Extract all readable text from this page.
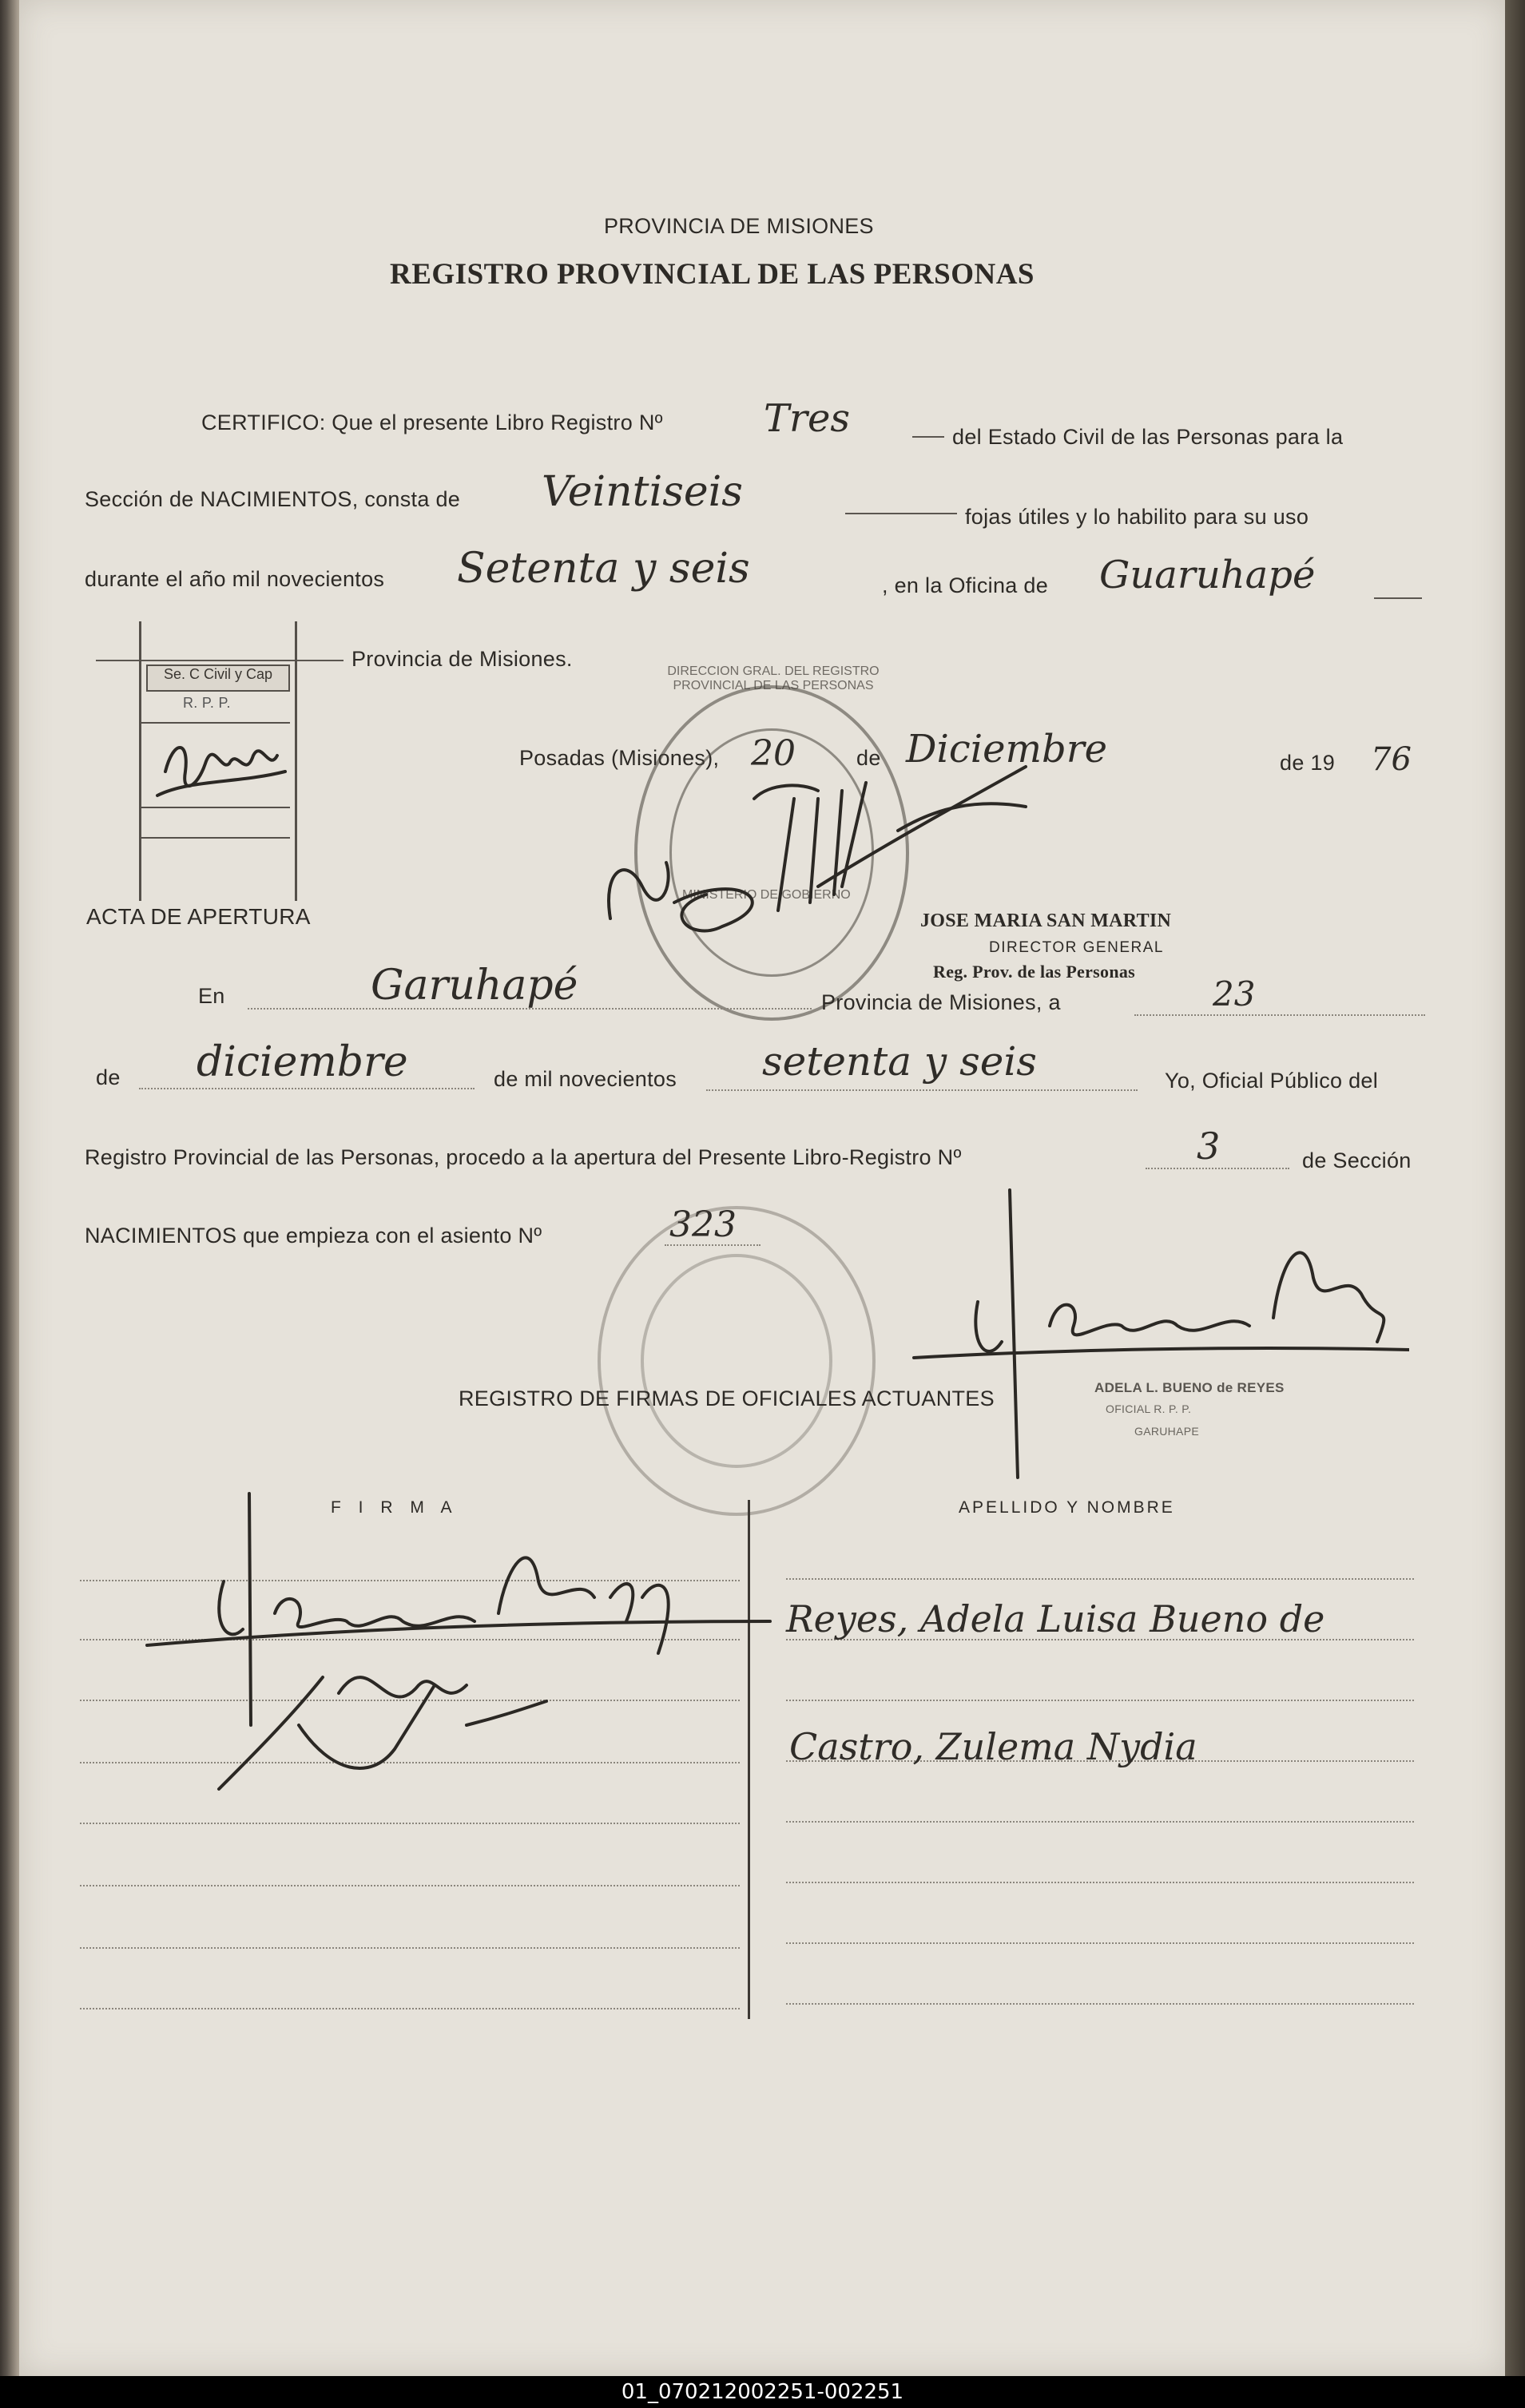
PROVINCIA DE MISIONES
REGISTRO PROVINCIAL DE LAS PERSONAS
CERTIFICO: Que el presente Libro Registro Nº	Tres	del Estado Civil de las Personas para la
Sección de NACIMIENTOS, consta de Veintiseis
fojas útiles y lo habilito para su uso
durante el año mil novecientos Setenta y seis	, en la Oficina de Guaruhapé
Provincia de Misiones.
Se. C Civil y Cap
R. P. P.
Posadas (Misiones), 20	de Diciembre	de 19 76
DIRECCION GRAL. DEL REGISTRO PROVINCIAL DE LAS PERSONAS
MINISTERIO DE GOBIERNO
JOSE MARIA SAN MARTIN
DIRECTOR GENERAL
Reg. Prov. de las Personas
ACTA DE APERTURA
En	Garuhapé	Provincia de Misiones, a	23
de diciembre	de mil novecientos setenta y seis	Yo, Oficial Público del
Registro Provincial de las Personas, procedo a la apertura del Presente Libro-Registro Nº	3	de Sección
NACIMIENTOS que empieza con el asiento Nº	323
ADELA L. BUENO de REYES
OFICIAL R. P. P.
GARUHAPE
REGISTRO DE FIRMAS DE OFICIALES ACTUANTES
F I R M A	APELLIDO Y NOMBRE
Reyes, Adela Luisa Bueno de
Castro, Zulema Nydia
01_070212002251-002251
